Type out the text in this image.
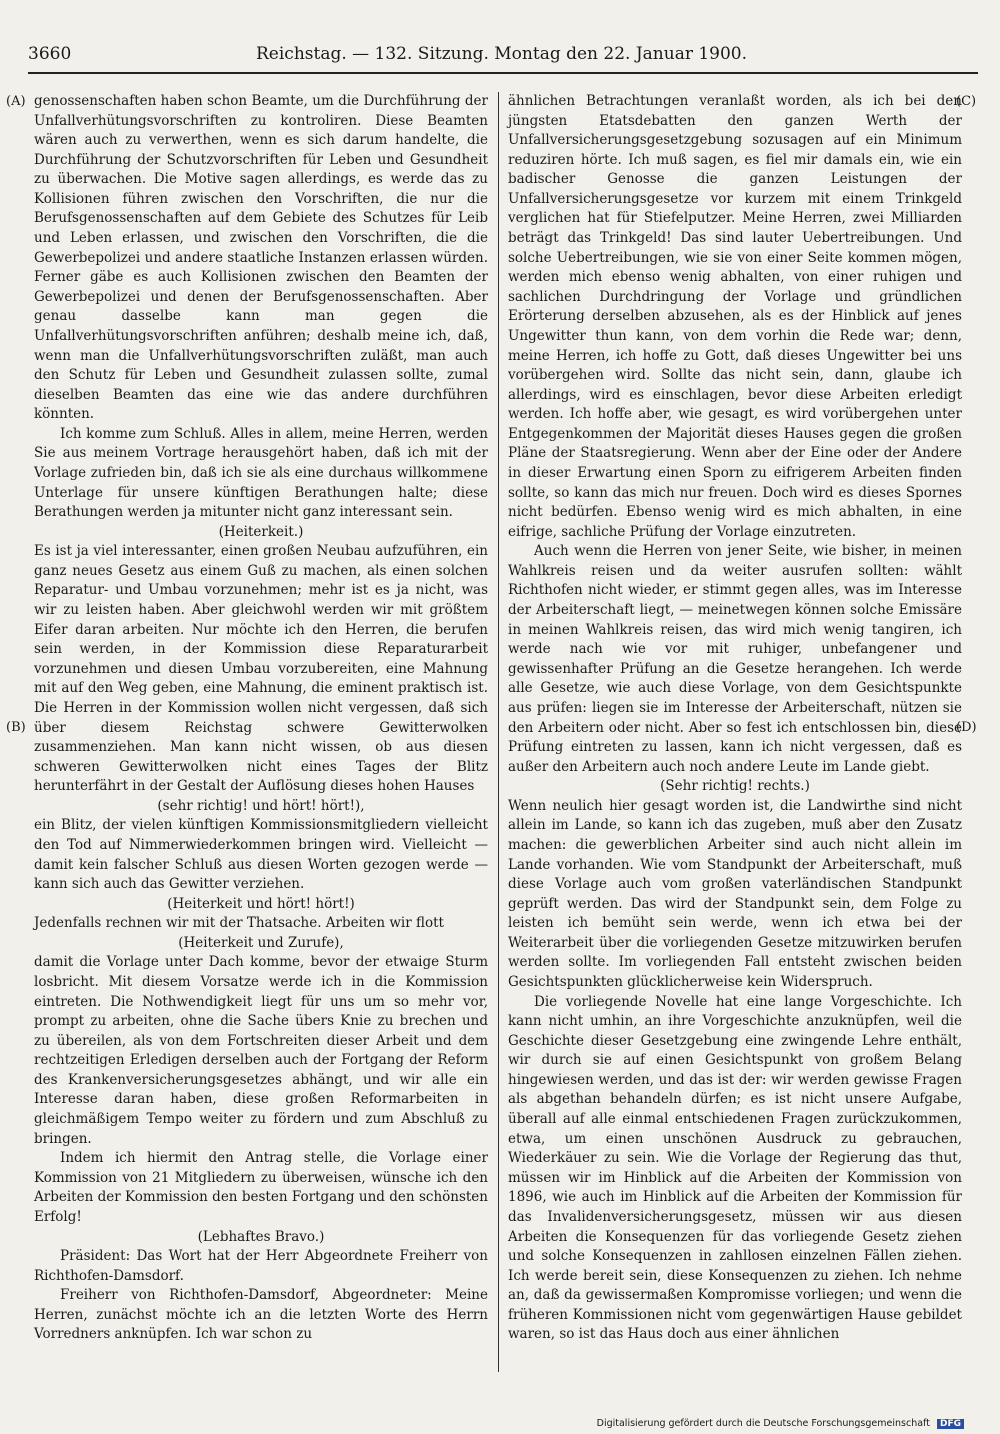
3660	Reichstag. — 132. Sitzung. Montag den 22. Januar 1900.
(A)
(B)
(C)
(D)

genossenschaften haben schon Beamte, um die Durchführung der Unfallverhütungsvorschriften zu kontroliren. Diese Beamten wären auch zu verwerthen, wenn es sich darum handelte, die Durchführung der Schutzvorschriften für Leben und Gesundheit zu überwachen. Die Motive sagen allerdings, es werde das zu Kollisionen führen zwischen den Vorschriften, die nur die Berufsgenossenschaften auf dem Gebiete des Schutzes für Leib und Leben erlassen, und zwischen den Vorschriften, die die Gewerbepolizei und andere staatliche Instanzen erlassen würden. Ferner gäbe es auch Kollisionen zwischen den Beamten der Gewerbepolizei und denen der Berufsgenossenschaften. Aber genau dasselbe kann man gegen die Unfallverhütungsvorschriften anführen; deshalb meine ich, daß, wenn man die Unfallverhütungsvorschriften zuläßt, man auch den Schutz für Leben und Gesundheit zulassen sollte, zumal dieselben Beamten das eine wie das andere durchführen könnten.

Ich komme zum Schluß. Alles in allem, meine Herren, werden Sie aus meinem Vortrage herausgehört haben, daß ich mit der Vorlage zufrieden bin, daß ich sie als eine durchaus willkommene Unterlage für unsere künftigen Berathungen halte; diese Berathungen werden ja mitunter nicht ganz interessant sein.

(Heiterkeit.)

Es ist ja viel interessanter, einen großen Neubau aufzuführen, ein ganz neues Gesetz aus einem Guß zu machen, als einen solchen Reparatur- und Umbau vorzunehmen; mehr ist es ja nicht, was wir zu leisten haben. Aber gleichwohl werden wir mit größtem Eifer daran arbeiten. Nur möchte ich den Herren, die berufen sein werden, in der Kommission diese Reparaturarbeit vorzunehmen und diesen Umbau vorzubereiten, eine Mahnung mit auf den Weg geben, eine Mahnung, die eminent praktisch ist. Die Herren in der Kommission wollen nicht vergessen, daß sich über diesem Reichstag schwere Gewitterwolken zusammenziehen. Man kann nicht wissen, ob aus diesen schweren Gewitterwolken nicht eines Tages der Blitz herunterfährt in der Gestalt der Auflösung dieses hohen Hauses

(sehr richtig! und hört! hört!),

ein Blitz, der vielen künftigen Kommissionsmitgliedern vielleicht den Tod auf Nimmerwiederkommen bringen wird. Vielleicht — damit kein falscher Schluß aus diesen Worten gezogen werde — kann sich auch das Gewitter verziehen.

(Heiterkeit und hört! hört!)

Jedenfalls rechnen wir mit der Thatsache. Arbeiten wir flott

(Heiterkeit und Zurufe),

damit die Vorlage unter Dach komme, bevor der etwaige Sturm losbricht. Mit diesem Vorsatze werde ich in die Kommission eintreten. Die Nothwendigkeit liegt für uns um so mehr vor, prompt zu arbeiten, ohne die Sache übers Knie zu brechen und zu übereilen, als von dem Fortschreiten dieser Arbeit und dem rechtzeitigen Erledigen derselben auch der Fortgang der Reform des Krankenversicherungsgesetzes abhängt, und wir alle ein Interesse daran haben, diese großen Reformarbeiten in gleichmäßigem Tempo weiter zu fördern und zum Abschluß zu bringen.

Indem ich hiermit den Antrag stelle, die Vorlage einer Kommission von 21 Mitgliedern zu überweisen, wünsche ich den Arbeiten der Kommission den besten Fortgang und den schönsten Erfolg!

(Lebhaftes Bravo.)

Präsident: Das Wort hat der Herr Abgeordnete Freiherr von Richthofen-Damsdorf.

Freiherr von Richthofen-Damsdorf, Abgeordneter: Meine Herren, zunächst möchte ich an die letzten Worte des Herrn Vorredners anknüpfen. Ich war schon zu

ähnlichen Betrachtungen veranlaßt worden, als ich bei den jüngsten Etatsdebatten den ganzen Werth der Unfallversicherungsgesetzgebung sozusagen auf ein Minimum reduziren hörte. Ich muß sagen, es fiel mir damals ein, wie ein badischer Genosse die ganzen Leistungen der Unfallversicherungsgesetze vor kurzem mit einem Trinkgeld verglichen hat für Stiefelputzer. Meine Herren, zwei Milliarden beträgt das Trinkgeld! Das sind lauter Uebertreibungen. Und solche Uebertreibungen, wie sie von einer Seite kommen mögen, werden mich ebenso wenig abhalten, von einer ruhigen und sachlichen Durchdringung der Vorlage und gründlichen Erörterung derselben abzusehen, als es der Hinblick auf jenes Ungewitter thun kann, von dem vorhin die Rede war; denn, meine Herren, ich hoffe zu Gott, daß dieses Ungewitter bei uns vorübergehen wird. Sollte das nicht sein, dann, glaube ich allerdings, wird es einschlagen, bevor diese Arbeiten erledigt werden. Ich hoffe aber, wie gesagt, es wird vorübergehen unter Entgegenkommen der Majorität dieses Hauses gegen die großen Pläne der Staatsregierung. Wenn aber der Eine oder der Andere in dieser Erwartung einen Sporn zu eifrigerem Arbeiten finden sollte, so kann das mich nur freuen. Doch wird es dieses Spornes nicht bedürfen. Ebenso wenig wird es mich abhalten, in eine eifrige, sachliche Prüfung der Vorlage einzutreten.

Auch wenn die Herren von jener Seite, wie bisher, in meinen Wahlkreis reisen und da weiter ausrufen sollten: wählt Richthofen nicht wieder, er stimmt gegen alles, was im Interesse der Arbeiterschaft liegt, — meinetwegen können solche Emissäre in meinen Wahlkreis reisen, das wird mich wenig tangiren, ich werde nach wie vor mit ruhiger, unbefangener und gewissenhafter Prüfung an die Gesetze herangehen. Ich werde alle Gesetze, wie auch diese Vorlage, von dem Gesichtspunkte aus prüfen: liegen sie im Interesse der Arbeiterschaft, nützen sie den Arbeitern oder nicht. Aber so fest ich entschlossen bin, diese Prüfung eintreten zu lassen, kann ich nicht vergessen, daß es außer den Arbeitern auch noch andere Leute im Lande giebt.

(Sehr richtig! rechts.)

Wenn neulich hier gesagt worden ist, die Landwirthe sind nicht allein im Lande, so kann ich das zugeben, muß aber den Zusatz machen: die gewerblichen Arbeiter sind auch nicht allein im Lande vorhanden. Wie vom Standpunkt der Arbeiterschaft, muß diese Vorlage auch vom großen vaterländischen Standpunkt geprüft werden. Das wird der Standpunkt sein, dem Folge zu leisten ich bemüht sein werde, wenn ich etwa bei der Weiterarbeit über die vorliegenden Gesetze mitzuwirken berufen werden sollte. Im vorliegenden Fall entsteht zwischen beiden Gesichtspunkten glücklicherweise kein Widerspruch.

Die vorliegende Novelle hat eine lange Vorgeschichte. Ich kann nicht umhin, an ihre Vorgeschichte anzuknüpfen, weil die Geschichte dieser Gesetzgebung eine zwingende Lehre enthält, wir durch sie auf einen Gesichtspunkt von großem Belang hingewiesen werden, und das ist der: wir werden gewisse Fragen als abgethan behandeln dürfen; es ist nicht unsere Aufgabe, überall auf alle einmal entschiedenen Fragen zurückzukommen, etwa, um einen unschönen Ausdruck zu gebrauchen, Wiederkäuer zu sein. Wie die Vorlage der Regierung das thut, müssen wir im Hinblick auf die Arbeiten der Kommission von 1896, wie auch im Hinblick auf die Arbeiten der Kommission für das Invalidenversicherungsgesetz, müssen wir aus diesen Arbeiten die Konsequenzen für das vorliegende Gesetz ziehen und solche Konsequenzen in zahllosen einzelnen Fällen ziehen. Ich werde bereit sein, diese Konsequenzen zu ziehen. Ich nehme an, daß da gewissermaßen Kompromisse vorliegen; und wenn die früheren Kommissionen nicht vom gegenwärtigen Hause gebildet waren, so ist das Haus doch aus einer ähnlichen

Digitalisierung gefördert durch die Deutsche Forschungsgemeinschaft DFG
